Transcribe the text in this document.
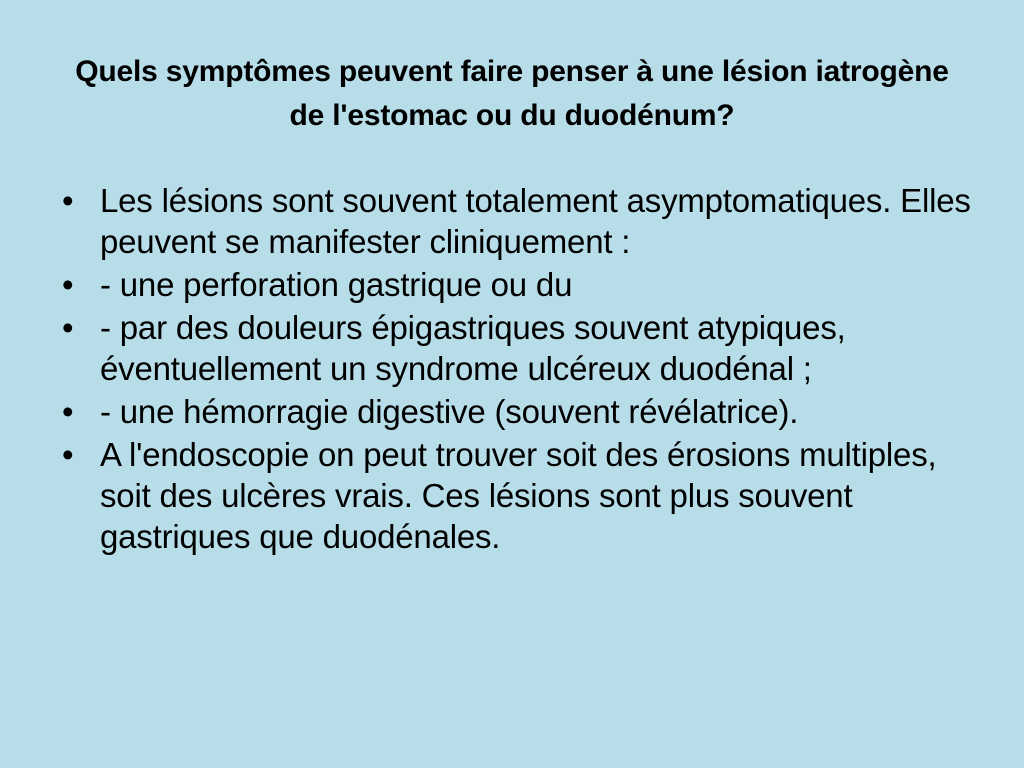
Quels symptômes peuvent faire penser à une lésion iatrogène de l'estomac ou du duodénum?
• Les lésions sont souvent totalement asymptomatiques. Elles peuvent se manifester cliniquement :
• - une perforation gastrique ou du
• - par des douleurs épigastriques souvent atypiques, éventuellement un syndrome ulcéreux duodénal ;
• - une hémorragie digestive (souvent révélatrice).
• A l'endoscopie on peut trouver soit des érosions multiples, soit des ulcères vrais. Ces lésions sont plus souvent gastriques que duodénales.
